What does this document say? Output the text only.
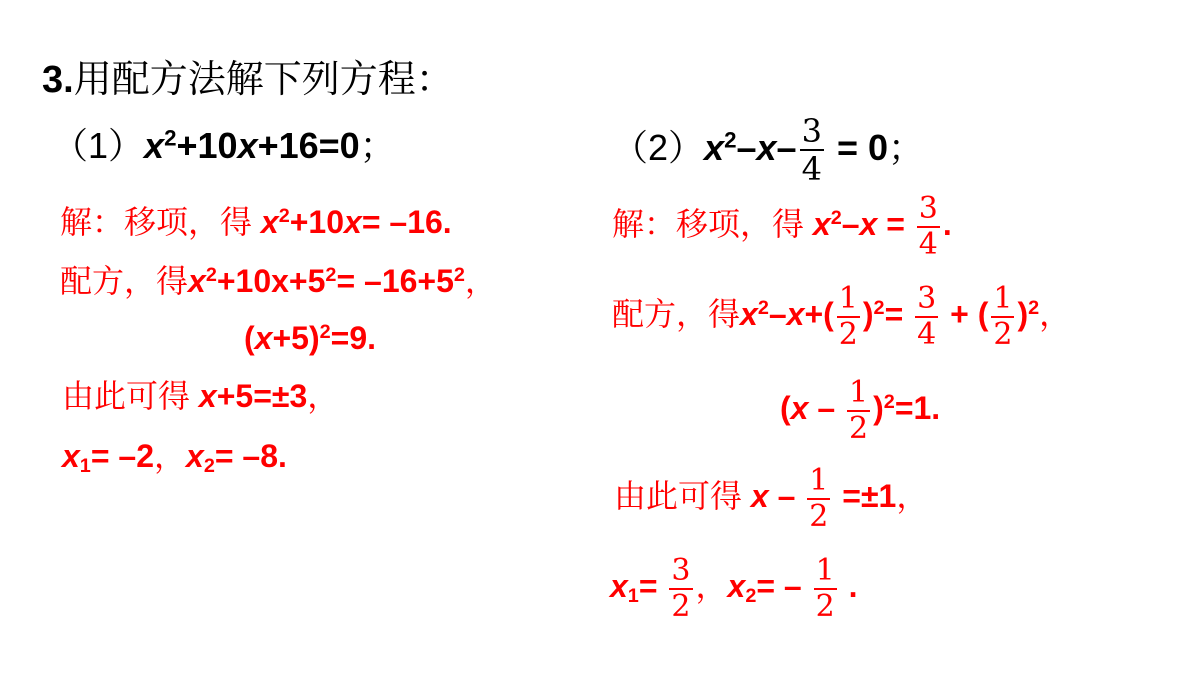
3.用配方法解下列方程：
$(1)x^2+10x+16=0$；
解：移项，得 $x^2+10x= -16$.
配方，得$x^2+10x+5^2= -16+5^2$，
$(x+5)^2=9$.
由此可得 x+5=±3，
$x_1= -2$，$x_2= -8$.
$(2)x^2-x- \frac{3}{4} = 0$；
解：移项，得 $x^2-x = \frac{3}{4}$ .
配方，得$x^2-x+( \frac{1}{2} )^2= \frac{3}{4}$ + ( $\frac{1}{2} )^2$，
$(x - \frac{1}{2} )^2=1$.
由此可得 $x - \frac{1}{2} =\pm 1$，
$x_1= \frac{3}{2}$ ，$x_2= - \frac{1}{2}$ .
